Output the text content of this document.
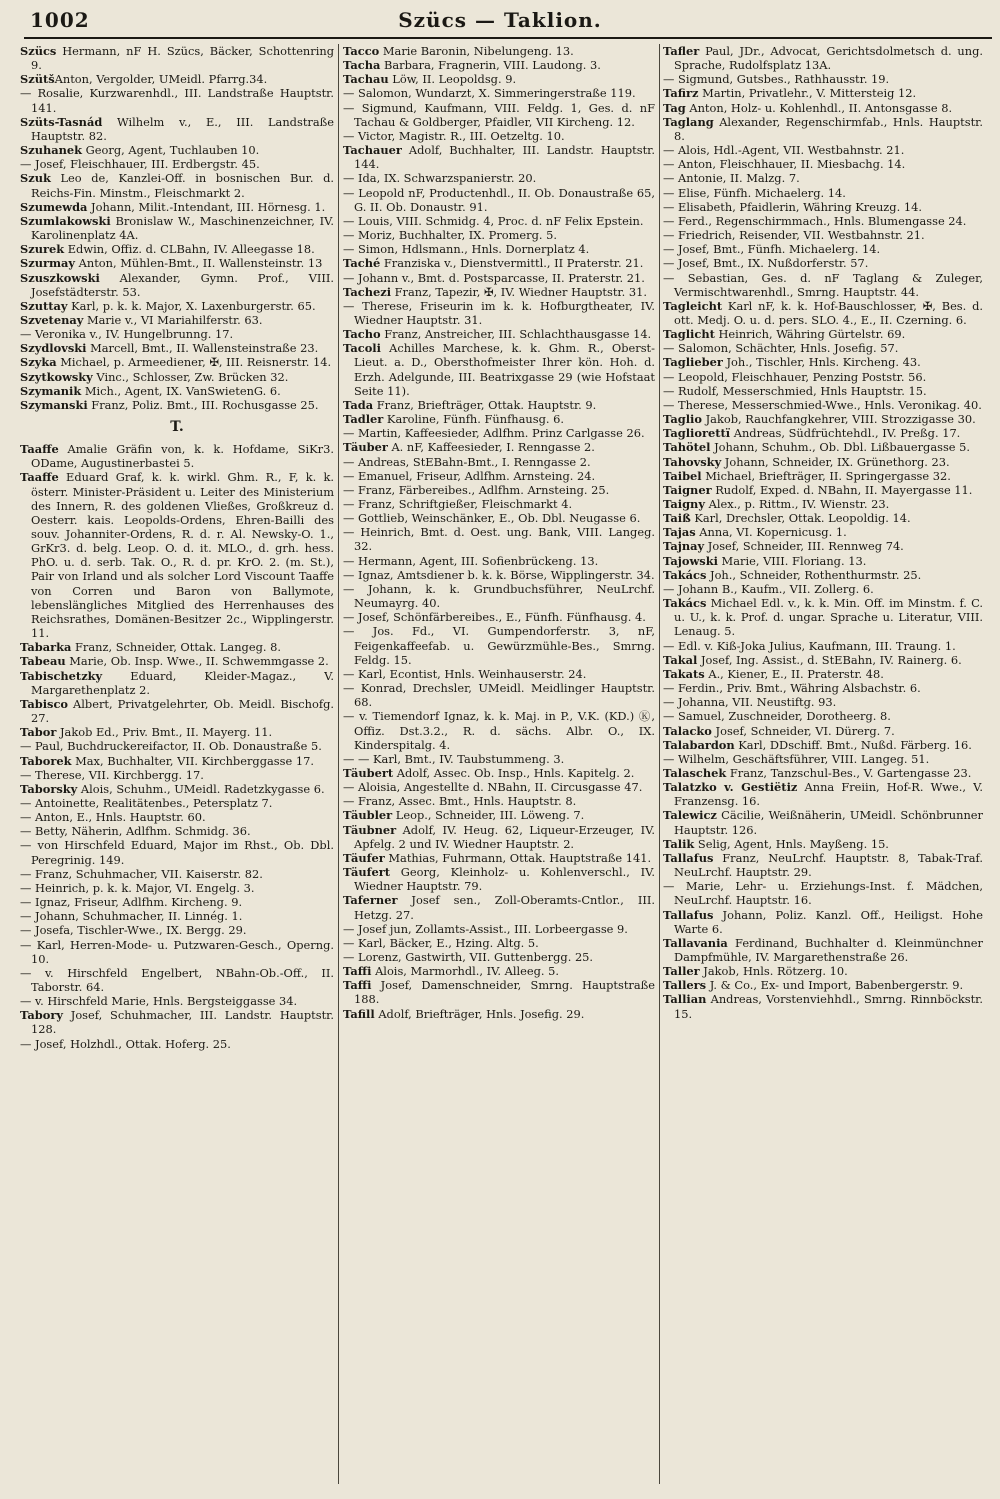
1002	Szücs — Taklion.

Szücs Hermann, nF H. Szücs, Bäcker, Schottenring 9.

SzütšAnton, Vergolder, UMeidl. Pfarrg.34.

— Rosalie, Kurzwarenhdl., III. Landstraße Hauptstr. 141.

Szüts-Tasnád Wilhelm v., E., III. Landstraße Hauptstr. 82.

Szuhanek Georg, Agent, Tuchlauben 10.

— Josef, Fleischhauer, III. Erdbergstr. 45.

Szuk Leo de, Kanzlei-Off. in bosnischen Bur. d. Reichs-Fin. Minstm., Fleischmarkt 2.

Szumewda Johann, Milit.-Intendant, III. Hörnesg. 1.

Szumlakowski Bronislaw W., Maschinenzeichner, IV. Karolinenplatz 4A.

Szurek Edwin, Offiz. d. CLBahn, IV. Alleegasse 18.

Szurmay Anton, Mühlen-Bmt., II. Wallensteinstr. 13

Szuszkowski Alexander, Gymn. Prof., VIII. Josefstädterstr. 53.

Szuttay Karl, p. k. k. Major, X. Laxenburgerstr. 65.

Szvetenay Marie v., VI Mariahilferstr. 63.

— Veronika v., IV. Hungelbrunng. 17.

Szydlovski Marcell, Bmt., II. Wallensteinstraße 23.

Szyka Michael, p. Armeediener, ✠, III. Reisnerstr. 14.

Szytkowsky Vinc., Schlosser, Zw. Brücken 32.

Szymanik Mich., Agent, IX. VanSwietenG. 6.

Szymanski Franz, Poliz. Bmt., III. Rochusgasse 25.

T.

Taaffe Amalie Gräfin von, k. k. Hofdame, SiKr3. ODame, Augustinerbastei 5.

Taaffe Eduard Graf, k. k. wirkl. Ghm. R., F, k. k. österr. Minister-Präsident u. Leiter des Ministerium des Innern, R. des goldenen Vließes, Großkreuz d. Oesterr. kais. Leopolds-Ordens, Ehren-Bailli des souv. Johanniter-Ordens, R. d. r. Al. Newsky-O. 1., GrKr3. d. belg. Leop. O. d. it. MLO., d. grh. hess. PhO. u. d. serb. Tak. O., R. d. pr. KrO. 2. (m. St.), Pair von Irland und als solcher Lord Viscount Taaffe von Corren und Baron von Ballymote, lebenslängliches Mitglied des Herrenhauses des Reichsrathes, Domänen-Besitzer 2c., Wipplingerstr. 11.

Tabarka Franz, Schneider, Ottak. Langeg. 8.

Tabeau Marie, Ob. Insp. Wwe., II. Schwemmgasse 2.

Tabischetzky Eduard, Kleider-Magaz., V. Margarethenplatz 2.

Tabisco Albert, Privatgelehrter, Ob. Meidl. Bischofg. 27.

Tabor Jakob Ed., Priv. Bmt., II. Mayerg. 11.

— Paul, Buchdruckereifactor, II. Ob. Donaustraße 5.

Taborek Max, Buchhalter, VII. Kirchberggasse 17.

— Therese, VII. Kirchbergg. 17.

Taborsky Alois, Schuhm., UMeidl. Radetzkygasse 6.

— Antoinette, Realitätenbes., Petersplatz 7.

— Anton, E., Hnls. Hauptstr. 60.

— Betty, Näherin, Adlfhm. Schmidg. 36.

— von Hirschfeld Eduard, Major im Rhst., Ob. Dbl. Peregrinig. 149.

— Franz, Schuhmacher, VII. Kaiserstr. 82.

— Heinrich, p. k. k. Major, VI. Engelg. 3.

— Ignaz, Friseur, Adlfhm. Kircheng. 9.

— Johann, Schuhmacher, II. Linnég. 1.

— Josefa, Tischler-Wwe., IX. Bergg. 29.

— Karl, Herren-Mode- u. Putzwaren-Gesch., Operng. 10.

— v. Hirschfeld Engelbert, NBahn-Ob.-Off., II. Taborstr. 64.

— v. Hirschfeld Marie, Hnls. Bergsteiggasse 34.

Tabory Josef, Schuhmacher, III. Landstr. Hauptstr. 128.

— Josef, Holzhdl., Ottak. Hoferg. 25.

Tacco Marie Baronin, Nibelungeng. 13.

Tacha Barbara, Fragnerin, VIII. Laudong. 3.

Tachau Löw, II. Leopoldsg. 9.

— Salomon, Wundarzt, X. Simmeringerstraße 119.

— Sigmund, Kaufmann, VIII. Feldg. 1, Ges. d. nF Tachau & Goldberger, Pfaidler, VII Kircheng. 12.

— Victor, Magistr. R., III. Oetzeltg. 10.

Tachauer Adolf, Buchhalter, III. Landstr. Hauptstr. 144.

— Ida, IX. Schwarzspanierstr. 20.

— Leopold nF, Productenhdl., II. Ob. Donaustraße 65, G. II. Ob. Donaustr. 91.

— Louis, VIII. Schmidg. 4, Proc. d. nF Felix Epstein.

— Moriz, Buchhalter, IX. Promerg. 5.

— Simon, Hdlsmann., Hnls. Dornerplatz 4.

Taché Franziska v., Dienstvermittl., II Praterstr. 21.

— Johann v., Bmt. d. Postsparcasse, II. Praterstr. 21.

Tachezi Franz, Tapezir, ✠, IV. Wiedner Hauptstr. 31.

— Therese, Friseurin im k. k. Hofburgtheater, IV. Wiedner Hauptstr. 31.

Tacho Franz, Anstreicher, III. Schlachthausgasse 14.

Tacoli Achilles Marchese, k. k. Ghm. R., Oberst-Lieut. a. D., Obersthofmeister Ihrer kön. Hoh. d. Erzh. Adelgunde, III. Beatrixgasse 29 (wie Hofstaat Seite 11).

Tada Franz, Briefträger, Ottak. Hauptstr. 9.

Tadler Karoline, Fünfh. Fünfhausg. 6.

— Martin, Kaffeesieder, Adlfhm. Prinz Carlgasse 26.

Täuber A. nF, Kaffeesieder, I. Renngasse 2.

— Andreas, StEBahn-Bmt., I. Renngasse 2.

— Emanuel, Friseur, Adlfhm. Arnsteing. 24.

— Franz, Färbereibes., Adlfhm. Arnsteing. 25.

— Franz, Schriftgießer, Fleischmarkt 4.

— Gottlieb, Weinschänker, E., Ob. Dbl. Neugasse 6.

— Heinrich, Bmt. d. Oest. ung. Bank, VIII. Langeg. 32.

— Hermann, Agent, III. Sofienbrückeng. 13.

— Ignaz, Amtsdiener b. k. k. Börse, Wipplingerstr. 34.

— Johann, k. k. Grundbuchsführer, NeuLrchf. Neumayrg. 40.

— Josef, Schönfärbereibes., E., Fünfh. Fünfhausg. 4.

— Jos. Fd., VI. Gumpendorferstr. 3, nF, Feigenkaffeefab. u. Gewürzmühle-Bes., Smrng. Feldg. 15.

— Karl, Econtist, Hnls. Weinhauserstr. 24.

— Konrad, Drechsler, UMeidl. Meidlinger Hauptstr. 68.

— v. Tiemendorf Ignaz, k. k. Maj. in P., V.K. (KD.) Ⓚ, Offiz. Dst.3.2., R. d. sächs. Albr. O., IX. Kinderspitalg. 4.

— — Karl, Bmt., IV. Taubstummeng. 3.

Täubert Adolf, Assec. Ob. Insp., Hnls. Kapitelg. 2.

— Aloisia, Angestellte d. NBahn, II. Circusgasse 47.

— Franz, Assec. Bmt., Hnls. Hauptstr. 8.

Täubler Leop., Schneider, III. Löweng. 7.

Täubner Adolf, IV. Heug. 62, Liqueur-Erzeuger, IV. Apfelg. 2 und IV. Wiedner Hauptstr. 2.

Täufer Mathias, Fuhrmann, Ottak. Hauptstraße 141.

Täufert Georg, Kleinholz- u. Kohlenverschl., IV. Wiedner Hauptstr. 79.

Taferner Josef sen., Zoll-Oberamts-Cntlor., III. Hetzg. 27.

— Josef jun, Zollamts-Assist., III. Lorbeergasse 9.

— Karl, Bäcker, E., Hzing. Altg. 5.

— Lorenz, Gastwirth, VII. Guttenbergg. 25.

Taffi Alois, Marmorhdl., IV. Alleeg. 5.

Taffi Josef, Damenschneider, Smrng. Hauptstraße 188.

Tafill Adolf, Briefträger, Hnls. Josefig. 29.

Tafler Paul, JDr., Advocat, Gerichtsdolmetsch d. ung. Sprache, Rudolfsplatz 13A.

— Sigmund, Gutsbes., Rathhausstr. 19.

Tafirz Martin, Privatlehr., V. Mittersteig 12.

Tag Anton, Holz- u. Kohlenhdl., II. Antonsgasse 8.

Taglang Alexander, Regenschirmfab., Hnls. Hauptstr. 8.

— Alois, Hdl.-Agent, VII. Westbahnstr. 21.

— Anton, Fleischhauer, II. Miesbachg. 14.

— Antonie, II. Malzg. 7.

— Elise, Fünfh. Michaelerg. 14.

— Elisabeth, Pfaidlerin, Währing Kreuzg. 14.

— Ferd., Regenschirmmach., Hnls. Blumengasse 24.

— Friedrich, Reisender, VII. Westbahnstr. 21.

— Josef, Bmt., Fünfh. Michaelerg. 14.

— Josef, Bmt., IX. Nußdorferstr. 57.

— Sebastian, Ges. d. nF Taglang & Zuleger, Vermischtwarenhdl., Smrng. Hauptstr. 44.

Tagleicht Karl nF, k. k. Hof-Bauschlosser, ✠, Bes. d. ott. Medj. O. u. d. pers. SLO. 4., E., II. Czerning. 6.

Taglicht Heinrich, Währing Gürtelstr. 69.

— Salomon, Schächter, Hnls. Josefig. 57.

Taglieber Joh., Tischler, Hnls. Kircheng. 43.

— Leopold, Fleischhauer, Penzing Poststr. 56.

— Rudolf, Messerschmied, Hnls Hauptstr. 15.

— Therese, Messerschmied-Wwe., Hnls. Veronikag. 40.

Taglio Jakob, Rauchfangkehrer, VIII. Strozzigasse 30.

Tagliorettï Andreas, Südfrüchtehdl., IV. Preßg. 17.

Tahötel Johann, Schuhm., Ob. Dbl. Lißbauergasse 5.

Tahovsky Johann, Schneider, IX. Grünethorg. 23.

Taibel Michael, Briefträger, II. Springergasse 32.

Taigner Rudolf, Exped. d. NBahn, II. Mayergasse 11.

Taigny Alex., p. Rittm., IV. Wienstr. 23.

Taiß Karl, Drechsler, Ottak. Leopoldig. 14.

Tajas Anna, VI. Kopernicusg. 1.

Tajnay Josef, Schneider, III. Rennweg 74.

Tajowski Marie, VIII. Floriang. 13.

Takács Joh., Schneider, Rothenthurmstr. 25.

— Johann B., Kaufm., VII. Zollerg. 6.

Takács Michael Edl. v., k. k. Min. Off. im Minstm. f. C. u. U., k. k. Prof. d. ungar. Sprache u. Literatur, VIII. Lenaug. 5.

— Edl. v. Kiß-Joka Julius, Kaufmann, III. Traung. 1.

Takal Josef, Ing. Assist., d. StEBahn, IV. Rainerg. 6.

Takats A., Kiener, E., II. Praterstr. 48.

— Ferdin., Priv. Bmt., Währing Alsbachstr. 6.

— Johanna, VII. Neustiftg. 93.

— Samuel, Zuschneider, Dorotheerg. 8.

Talacko Josef, Schneider, VI. Dürerg. 7.

Talabardon Karl, DDschiff. Bmt., Nußd. Färberg. 16.

— Wilhelm, Geschäftsführer, VIII. Langeg. 51.

Talaschek Franz, Tanzschul-Bes., V. Gartengasse 23.

Talatzko v. Gestiëtiz Anna Freiin, Hof-R. Wwe., V. Franzensg. 16.

Talewicz Cäcilie, Weißnäherin, UMeidl. Schönbrunner Hauptstr. 126.

Talik Selig, Agent, Hnls. Mayßeng. 15.

Tallafus Franz, NeuLrchf. Hauptstr. 8, Tabak-Traf. NeuLrchf. Hauptstr. 29.

— Marie, Lehr- u. Erziehungs-Inst. f. Mädchen, NeuLrchf. Hauptstr. 16.

Tallafus Johann, Poliz. Kanzl. Off., Heiligst. Hohe Warte 6.

Tallavania Ferdinand, Buchhalter d. Kleinmünchner Dampfmühle, IV. Margarethenstraße 26.

Taller Jakob, Hnls. Rötzerg. 10.

Tallers J. & Co., Ex- und Import, Babenbergerstr. 9.

Tallian Andreas, Vorstenviehhdl., Smrng. Rinnböckstr. 15.
